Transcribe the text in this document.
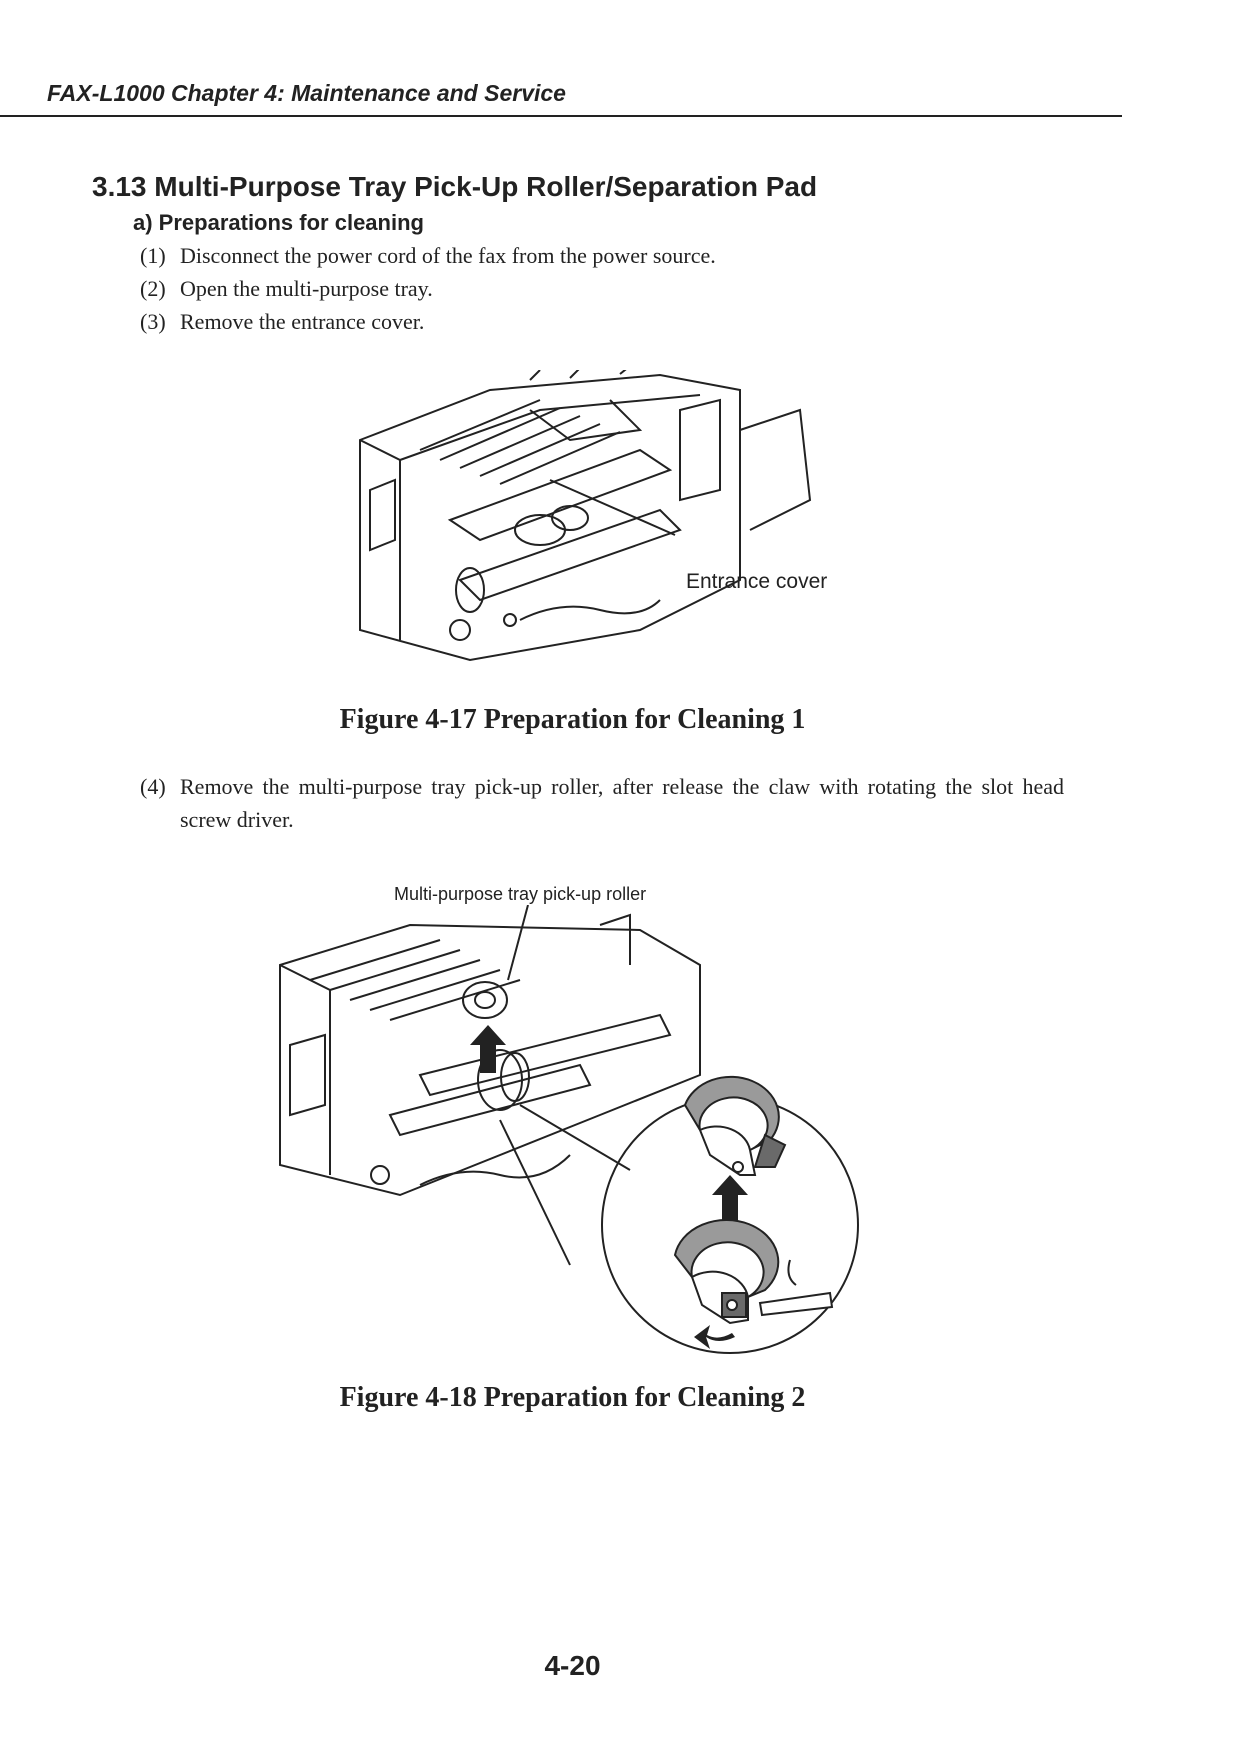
FAX-L1000 Chapter 4: Maintenance and Service
3.13 Multi-Purpose Tray Pick-Up Roller/Separation Pad
a) Preparations for cleaning
(1) Disconnect the power cord of the fax from the power source.
(2) Open the multi-purpose tray.
(3) Remove the entrance cover.
Entrance cover
Figure 4-17 Preparation for Cleaning 1
(4) Remove the multi-purpose tray pick-up roller, after release the claw with rotating the slot head screw driver.
Multi-purpose tray pick-up roller
Figure 4-18 Preparation for Cleaning 2
4-20
